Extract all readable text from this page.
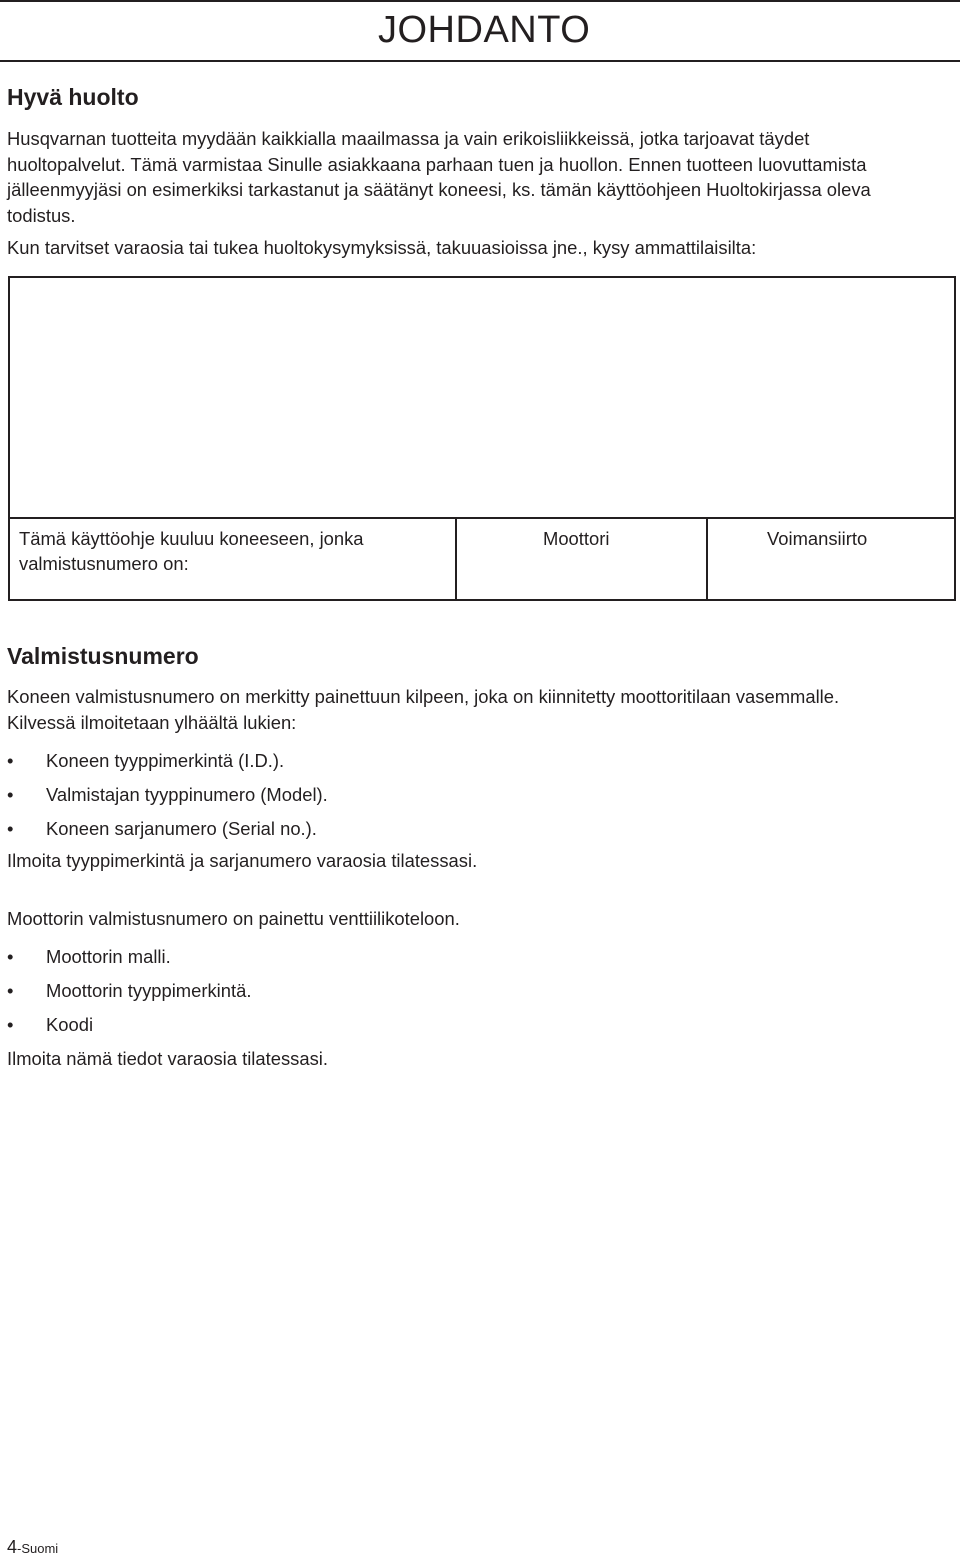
JOHDANTO
Hyvä huolto

Husqvarnan tuotteita myydään kaikkialla maailmassa ja vain erikoisliikkeissä, jotka tarjoavat täydet
huoltopalvelut. Tämä varmistaa Sinulle asiakkaana parhaan tuen ja huollon. Ennen tuotteen luovuttamista
jälleenmyyjäsi on esimerkiksi tarkastanut ja säätänyt koneesi, ks. tämän käyttöohjeen Huoltokirjassa oleva
todistus.

Kun tarvitset varaosia tai tukea huoltokysymyksissä, takuuasioissa jne., kysy ammattilaisilta:

Tämä käyttöohje kuuluu koneeseen, jonka
valmistusnumero on:
Moottori	Voimansiirto
Valmistusnumero

Koneen valmistusnumero on merkitty painettuun kilpeen, joka on kiinnitetty moottoritilaan vasemmalle.
Kilvessä ilmoitetaan ylhäältä lukien:

• Koneen tyyppimerkintä (I.D.).
• Valmistajan tyyppinumero (Model).
• Koneen sarjanumero (Serial no.).

Ilmoita tyyppimerkintä ja sarjanumero varaosia tilatessasi.

Moottorin valmistusnumero on painettu venttiilikoteloon.

• Moottorin malli.
• Moottorin tyyppimerkintä.
• Koodi

Ilmoita nämä tiedot varaosia tilatessasi.

4-Suomi
